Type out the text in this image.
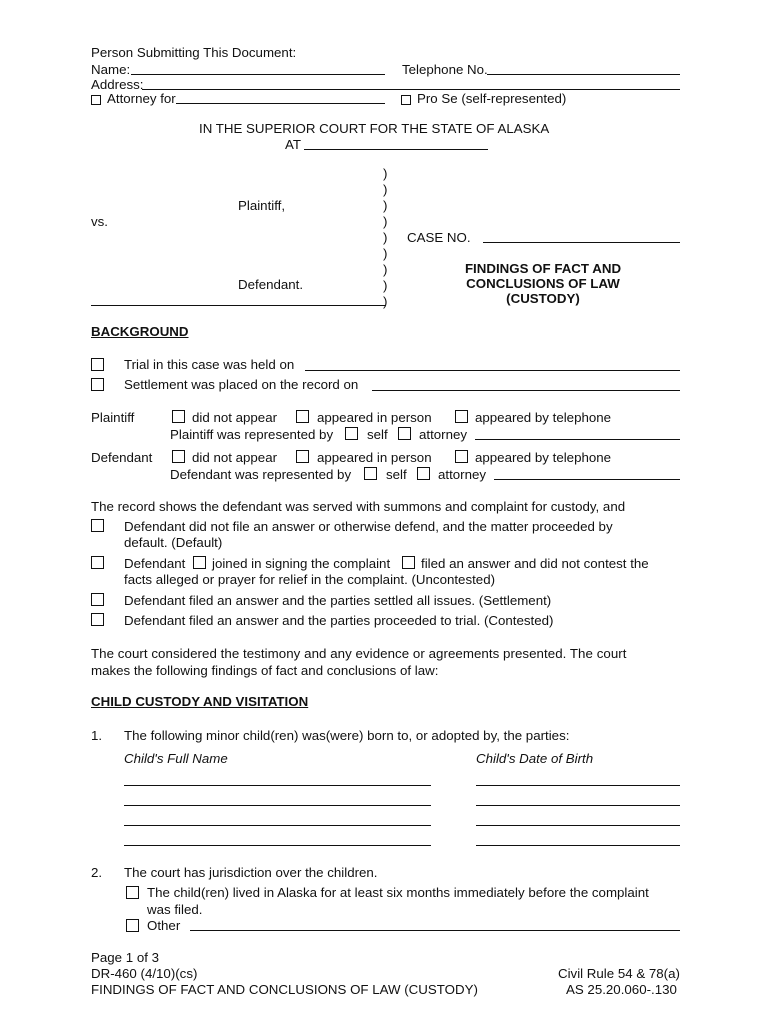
Person Submitting This Document:
Name:	Telephone No.
Address:
Attorney for	Pro Se (self-represented)
IN THE SUPERIOR COURT FOR THE STATE OF ALASKA
AT
)
)
)
)
)
)
)
)
)
Plaintiff,
vs.
Defendant.
CASE NO.
FINDINGS OF FACT AND
CONCLUSIONS OF LAW
(CUSTODY)
BACKGROUND
Trial in this case was held on
Settlement was placed on the record on
Plaintiff	did not appear	appeared in person	appeared by telephone
Plaintiff was represented by	self attorney
Defendant	did not appear	appeared in person	appeared by telephone
Defendant was represented by	self attorney
The record shows the defendant was served with summons and complaint for custody, and
Defendant did not file an answer or otherwise defend, and the matter proceeded by
default. (Default)
Defendant joined in signing the complaint filed an answer and did not contest the
facts alleged or prayer for relief in the complaint. (Uncontested)
Defendant filed an answer and the parties settled all issues. (Settlement)
Defendant filed an answer and the parties proceeded to trial. (Contested)
The court considered the testimony and any evidence or agreements presented. The court
makes the following findings of fact and conclusions of law:
CHILD CUSTODY AND VISITATION
1. The following minor child(ren) was(were) born to, or adopted by, the parties:
Child's Full Name	Child's Date of Birth
2. The court has jurisdiction over the children.
The child(ren) lived in Alaska for at least six months immediately before the complaint
was filed.
Other
Page 1 of 3
DR-460 (4/10)(cs)
FINDINGS OF FACT AND CONCLUSIONS OF LAW (CUSTODY)
Civil Rule 54 & 78(a)
AS 25.20.060-.130
